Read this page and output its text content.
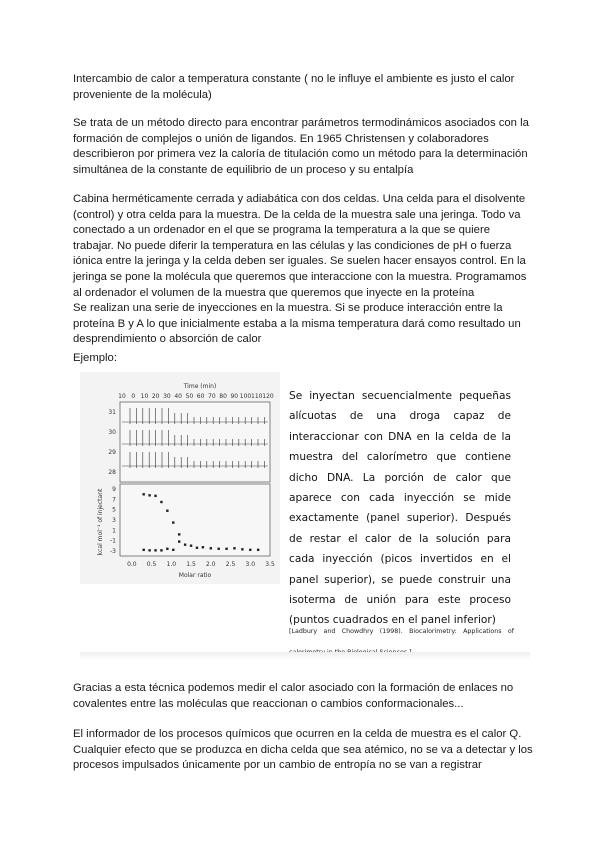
Intercambio de calor a temperatura constante ( no le influye el ambiente es justo el calor proveniente de la molécula)

Se trata de un método directo para encontrar parámetros termodinámicos asociados con la formación de complejos o unión de ligandos. En 1965 Christensen y colaboradores describieron por primera vez la caloría de titulación como un método para la determinación simultánea de la constante de equilibrio de un proceso y su entalpía

Cabina herméticamente cerrada y adiabática con dos celdas. Una celda para el disolvente (control) y otra celda para la muestra. De la celda de la muestra sale una jeringa. Todo va conectado a un ordenador en el que se programa la temperatura a la que se quiere trabajar. No puede diferir la temperatura en las células y las condiciones de pH o fuerza iónica entre la jeringa y la celda deben ser iguales. Se suelen hacer ensayos control. En la jeringa se pone la molécula que queremos que interaccione con la muestra. Programamos al ordenador el volumen de la muestra que queremos que inyecte en la proteína

Se realizan una serie de inyecciones en la muestra. Si se produce interacción entre la proteína B y A lo que inicialmente estaba a la misma temperatura dará como resultado un desprendimiento o absorción de calor

Ejemplo:

Time (min)
10 0 10 20 30 40 50 60 70 80 90 100 110 120
31
30
29
28
9
7
5
3
1
-1
-3
kcal mol⁻¹ of injectant
0.0 0.5 1.0 1.5 2.0 2.5 3.0 3.5
Molar ratio
Se inyectan secuencialmente pequeñas alícuotas de una droga capaz de interaccionar con DNA en la celda de la muestra del calorímetro que contiene dicho DNA. La porción de calor que aparece con cada inyección se mide exactamente (panel superior). Después de restar el calor de la solución para cada inyección (picos invertidos en el panel superior), se puede construir una isoterma de unión para este proceso (puntos cuadrados en el panel inferior)
[Ladbury and Chowdhry (1998). Biocalorimetry: Applications of

Gracias a esta técnica podemos medir el calor asociado con la formación de enlaces no covalentes entre las moléculas que reaccionan o cambios conformacionales...

El informador de los procesos químicos que ocurren en la celda de muestra es el calor Q. Cualquier efecto que se produzca en dicha celda que sea atémico, no se va a detectar y los procesos impulsados únicamente por un cambio de entropía no se van a registrar
